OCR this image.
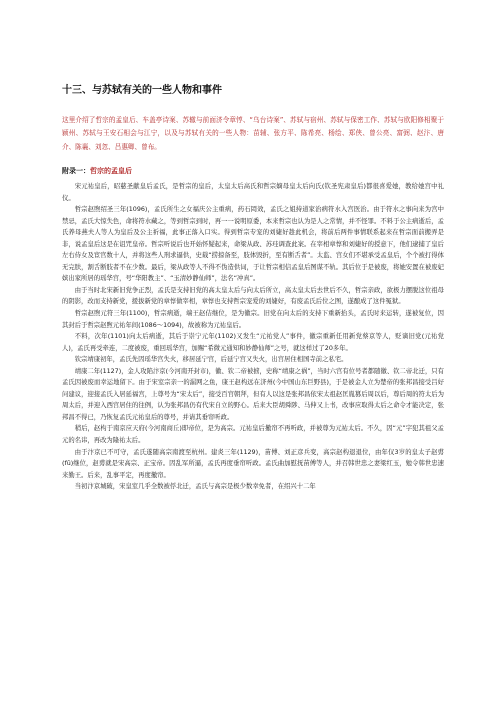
十三、与苏轼有关的一些人物和事件
这里介绍了哲宗的孟皇后、车盖亭诗案、苏辙与前面济令章惇、“乌台诗案”、苏轼与宿州、苏轼与保密工作、苏轼与欧阳修相聚于颍州、苏轼与王安石相会与江宁，以及与苏轼有关的一些人物：苗辅、张方平、陈希亮、杨绘、郑侠、曾公亮、富弼、赵汴、唐介、陈襄、刘忽、吕惠卿、曾布。
附录一：哲宗的孟皇后

宋元祐皇后，昭慈圣献皇后孟氏，是哲宗的皇后，太皇太后高氏和哲宗嫡母皇太后向氏(钦圣宪肃皇后)都很喜爱她，教给她宫中礼仪。

哲宗赵煦绍圣三年(1096)，孟氏所生之女福庆公主重病，药石罔效，孟氏之姐持道家治病符水入宫医治。由于符水之事向来为宫中禁忌，孟氏大惊失色，命将符水藏之，等到哲宗到时，再一一说明原委，本来哲宗也认为是人之常情，并不怪罪。不料于公主病逝后，孟氏养母燕夫人等人为皇后及公主祈福，此事正落入口实。得到哲宗专宠的刘婕好趁此机会，将前后两件事情联系起来在哲宗面前搬弄是非，说孟皇后这是在诅咒皇帝。哲宗听说后也开始怀疑起来，命梁从政、苏珪调查此案。在宰相章惇和刘婕好的授意下，他们逮捕了皇后左右侍女及宦官数十人，并将这些人刑求逼供，史载“捞掠备至，肢体毁折，至有断舌者”。太监、宫女们不堪承受孟皇后，个个被打得体无完肤，割舌断肢者不在少数。最后，梁从政等人不得不伪造供词，于让哲宗相信孟皇后图谋不轨。其后位于是被废，将她安置在被废妃嫔出家所居的瑶华宫，号“华阳教主”、“玉清妙静仙师”，法名“冲真”。

由于当时北宋新旧党争正烈，孟氏是支持旧党的高太皇太后与向太后所立，高太皇太后去世后不久，哲宗亲政，欲极力摆脱这位祖母的阴影，改而支持新党，援拔新党的章惇做宰相，章惇也支持哲宗宠爱的刘婕好，有废孟氏后位之图，遂酿成了这件冤狱。

哲宗赵煦元符三年(1100)，哲宗病逝，端王赵佶继位，是为徽宗。旧党在向太后的支持下重新抬头，孟氏时来运转，遂被复位，因其封后于哲宗赵煦元祐年间(1086～1094)，故被称为元祐皇后。

不料，次年(1101)向太后病逝，其后于崇宁元年(1102)又发生“元祐党人”事件，徽宗重新任用新党蔡京等人，贬谪旧党(元祐党人)，孟氏再受牵连，二度被废，重回瑶华宫，加赐“希微元通知和妙静仙师”之号，就这样过了20多年。

钦宗靖康初年，孟氏先因瑶华宫失火，移居延宁宫，后延宁宫又失火，出宫居住相国寺前之私宅。

靖康二年(1127)，金人攻陷汴京(今河南开封市)，徽、钦二帝被掳，史称“靖康之祸”，当时六宫有位号者都随徽、钦二帝北迁，只有孟氏因被废而幸运地留下。由于宋室宗亲一的漏网之鱼，康王赵构远在济州(今中国山东巨野县)，于是被金人立为楚帝的张邦昌接受吕好问建议，迎接孟氏入居延福宫，上尊号为“宋太后”，接受百官朝拜，但有人以这是张邦昌依宋太祖赵匡胤篡后周以后，尊后周的符太后为周太后，并迎入西宫居住的往例，认为张邦昌仍有代宋自立的野心。后来大臣胡舜陟、马伸又上书，改事应取得太后之命令才能决定，张邦昌不得已，乃恢复孟氏元祐皇后的尊号，并请其垂帘听政。

稍后，赵构于南京应天府(今河南商丘)即帝位，是为高宗。元祐皇后撤帘不再听政，并被尊为元祐太后。不久，因“元”字犯其祖父孟元的名讳，再改为隆祐太后。

由于汴京已不可守，孟氏遂随高宗南渡至杭州。建炎三年(1129)，苗傅、刘正彦兵变，高宗赵构退退位，由年仅3岁的皇太子赵旉(fū)继位，赵旉就是宋高宗、正宝帝。因乱军所逼，孟氏再度垂帘听政。孟氏曲加慰抚苗傅等人，并召韩世忠之妻梁红玉，勉令韩世忠速来勤王。后来，乱事平定，再度撤帘。

当初汴京城破，宋皇室几乎全数被俘北迁，孟氏与高宗是极少数幸免者，在绍兴十二年
